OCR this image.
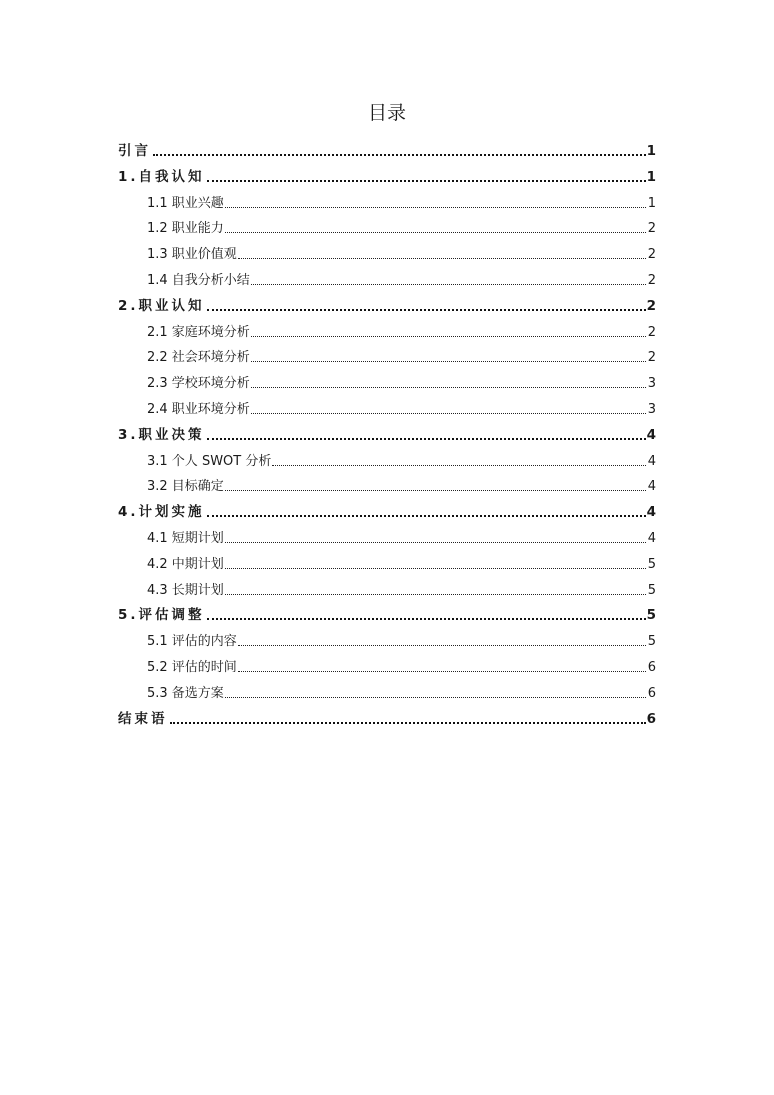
目录
引言	1
1.自我认知	1
1.1 职业兴趣	1
1.2 职业能力	2
1.3 职业价值观	2
1.4 自我分析小结	2
2.职业认知	2
2.1 家庭环境分析	2
2.2 社会环境分析	2
2.3 学校环境分析	3
2.4 职业环境分析	3
3.职业决策	4
3.1 个人 SWOT 分析	4
3.2 目标确定	4
4.计划实施	4
4.1 短期计划	4
4.2 中期计划	5
4.3 长期计划	5
5.评估调整	5
5.1 评估的内容	5
5.2 评估的时间	6
5.3 备选方案	6
结束语	6
